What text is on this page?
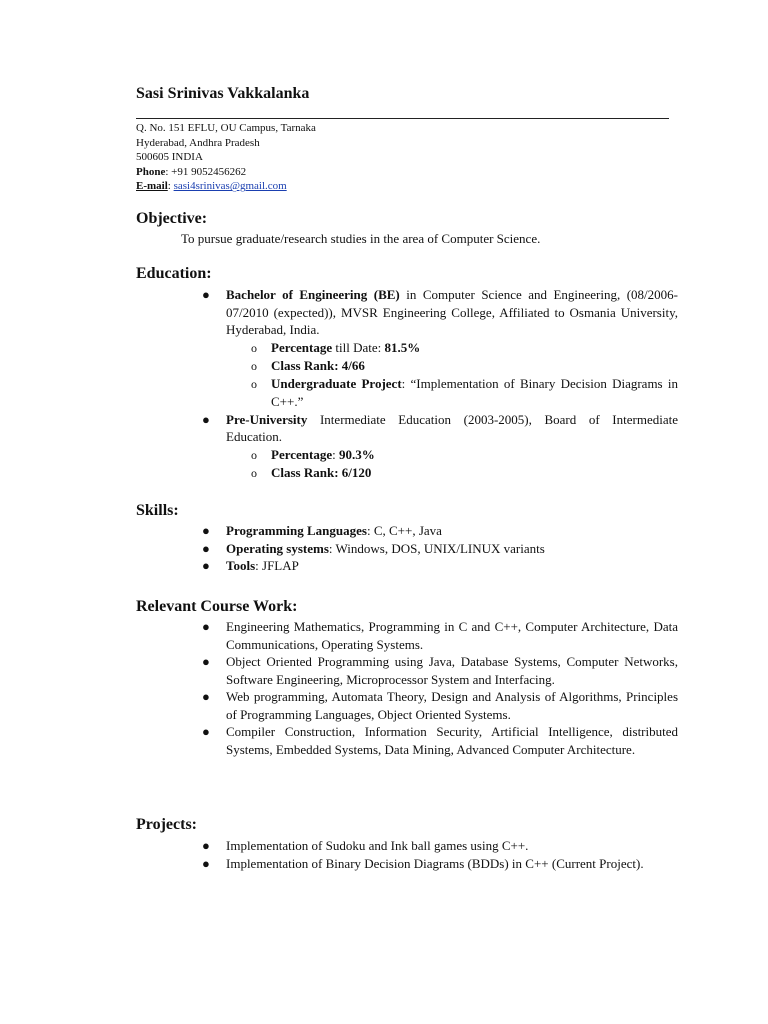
Sasi Srinivas Vakkalanka
Q. No. 151 EFLU, OU Campus, Tarnaka
Hyderabad, Andhra Pradesh
500605 INDIA
Phone: +91 9052456262
E-mail: sasi4srinivas@gmail.com
Objective:
To pursue graduate/research studies in the area of Computer Science.
Education:
● Bachelor of Engineering (BE) in Computer Science and Engineering, (08/2006-07/2010 (expected)), MVSR Engineering College, Affiliated to Osmania University, Hyderabad, India.
o Percentage till Date: 81.5%
o Class Rank: 4/66
o Undergraduate Project: “Implementation of Binary Decision Diagrams in C++.”
● Pre-University Intermediate Education (2003-2005), Board of Intermediate Education.
o Percentage: 90.3%
o Class Rank: 6/120
Skills:
● Programming Languages: C, C++, Java
● Operating systems: Windows, DOS, UNIX/LINUX variants
● Tools: JFLAP
Relevant Course Work:
● Engineering Mathematics, Programming in C and C++, Computer Architecture, Data Communications, Operating Systems.
● Object Oriented Programming using Java, Database Systems, Computer Networks, Software Engineering, Microprocessor System and Interfacing.
● Web programming, Automata Theory, Design and Analysis of Algorithms, Principles of Programming Languages, Object Oriented Systems.
● Compiler Construction, Information Security, Artificial Intelligence, distributed Systems, Embedded Systems, Data Mining, Advanced Computer Architecture.
Projects:
● Implementation of Sudoku and Ink ball games using C++.
● Implementation of Binary Decision Diagrams (BDDs) in C++ (Current Project).
